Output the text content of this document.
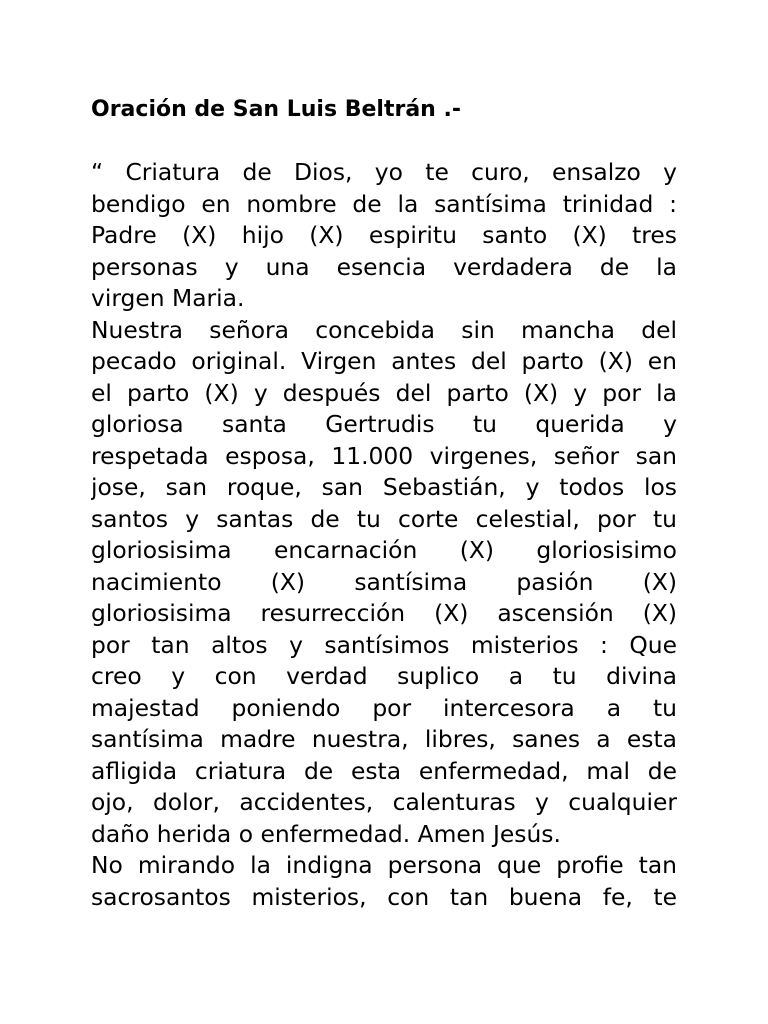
Oración de San Luis Beltrán .-
“ Criatura de Dios, yo te curo, ensalzo y
bendigo en nombre de la santísima trinidad :
Padre (X) hijo (X) espiritu santo (X) tres
personas y una esencia verdadera de la
virgen Maria.
Nuestra señora concebida sin mancha del
pecado original. Virgen antes del parto (X) en
el parto (X) y después del parto (X) y por la
gloriosa santa Gertrudis tu querida y
respetada esposa, 11.000 virgenes, señor san
jose, san roque, san Sebastián, y todos los
santos y santas de tu corte celestial, por tu
gloriosisima encarnación (X) gloriosisimo
nacimiento (X) santísima pasión (X)
gloriosisima resurrección (X) ascensión (X)
por tan altos y santísimos misterios : Que
creo y con verdad suplico a tu divina
majestad poniendo por intercesora a tu
santísima madre nuestra, libres, sanes a esta
afligida criatura de esta enfermedad, mal de
ojo, dolor, accidentes, calenturas y cualquier
daño herida o enfermedad. Amen Jesús.
No mirando la indigna persona que profie tan
sacrosantos misterios, con tan buena fe, te
